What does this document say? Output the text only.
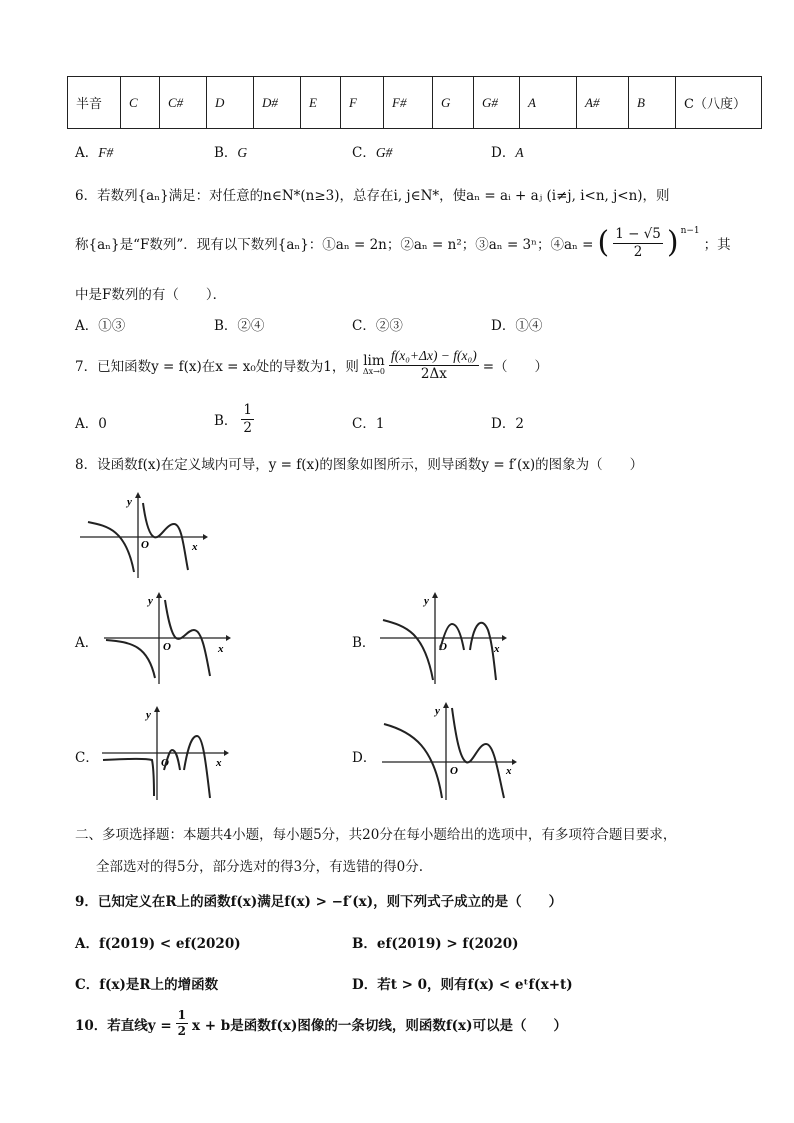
半音	C	C#	D	D#	E	F	F#	G	G#	A	A#	B	C（八度）
A．F#	B．G	C．G#	D．A
6．若数列{aₙ}满足：对任意的n∈N*(n≥3)，总存在i, j∈N*，使aₙ = aᵢ + aⱼ (i≠j, i<n, j<n)，则
称{aₙ}是“F数列”．现有以下数列{aₙ}：①aₙ = 2n；②aₙ = n²；③aₙ = 3ⁿ；④aₙ = ( $\frac{1 - √5}{2}$ ) n−1
；其
中是F数列的有（　　）．
A．①③	B．②④	C．②③	D．①④
7．已知函数y = f(x)在x = x₀处的导数为1，则 lim
$\Delta x\to 0 \frac{\text{f(x₀+Δx) − f(x₀)}}{2\Delta x}$ =（　　）
A．0	B． $\frac{1}{2}$	C．1	D．2
8．设函数f(x)在定义域内可导，y = f(x)的图象如图所示，则导函数y = f′(x)的图象为（　　）
y
x
O
A．
y
x
O	B．
y
x
O
C．
y
x
O	D．
y
x
O
二、多项选择题：本题共4小题，每小题5分，共20分在每小题给出的选项中，有多项符合题目要求，
全部选对的得5分，部分选对的得3分，有选错的得0分.
9．已知定义在R上的函数f(x)满足f(x) > −f′(x)，则下列式子成立的是（　　）
A．f(2019) < ef(2020)	B．ef(2019) > f(2020)
C．f(x)是R上的增函数	D．若t > 0，则有f(x) < eᵗf(x+t)
10．若直线$y = \frac{1}{2}$ x + b是函数f(x)图像的一条切线，则函数f(x)可以是（　　）
